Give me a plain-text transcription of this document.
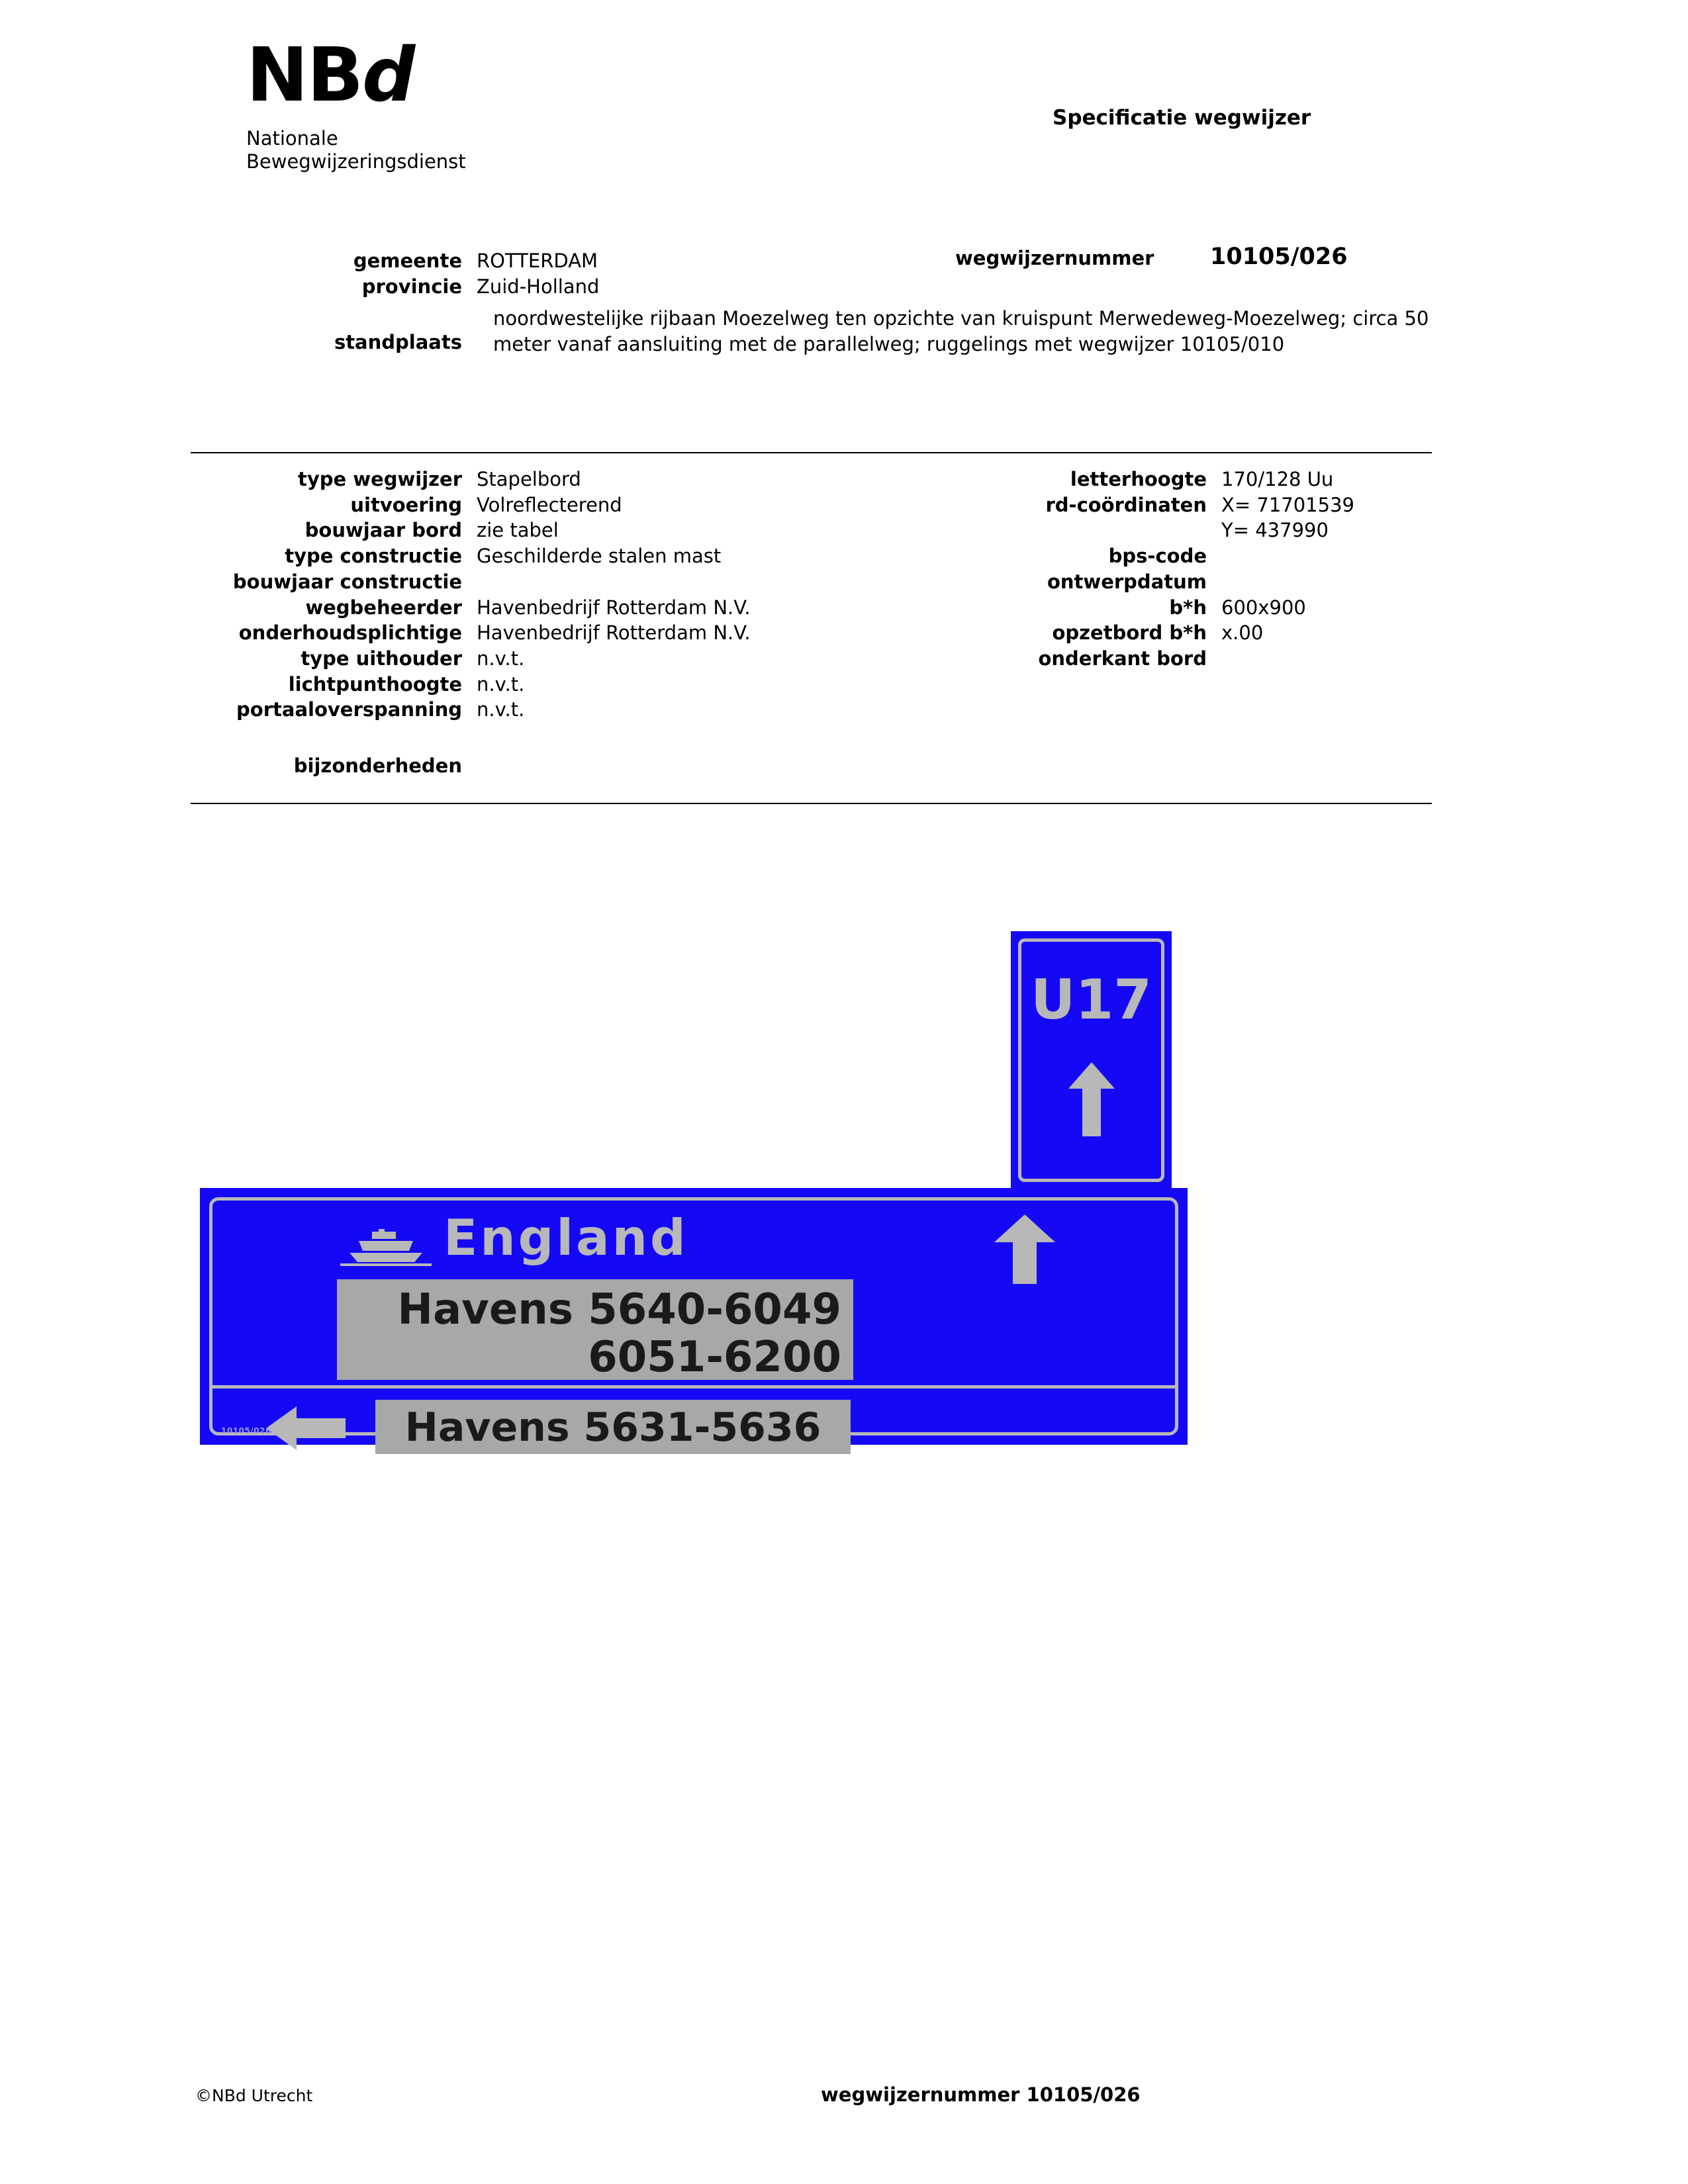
NBd
Nationale
Bewegwijzeringsdienst
Specificatie wegwijzer
gemeente ROTTERDAM
provincie Zuid-Holland
wegwijzernummer 10105/026
standplaats
noordwestelijke rijbaan Moezelweg ten opzichte van kruispunt Merwedeweg-Moezelweg; circa 50 meter vanaf aansluiting met de parallelweg; ruggelings met wegwijzer 10105/010
type wegwijzer Stapelbord
uitvoering Volreflecterend
bouwjaar bord zie tabel
type constructie Geschilderde stalen mast
bouwjaar constructie
wegbeheerder Havenbedrijf Rotterdam N.V.
onderhoudsplichtige Havenbedrijf Rotterdam N.V.
type uithouder n.v.t.
lichtpunthoogte n.v.t.
portaaloverspanning n.v.t.
letterhoogte 170/128 Uu
rd-coördinaten X= 71701539
Y= 437990
bps-code
ontwerpdatum
b*h 600x900
opzetbord b*h x.00
onderkant bord
bijzonderheden
U17
England
Havens 5640-6049
6051-6200
Havens 5631-5636
10105/026
©NBd Utrecht	wegwijzernummer 10105/026
